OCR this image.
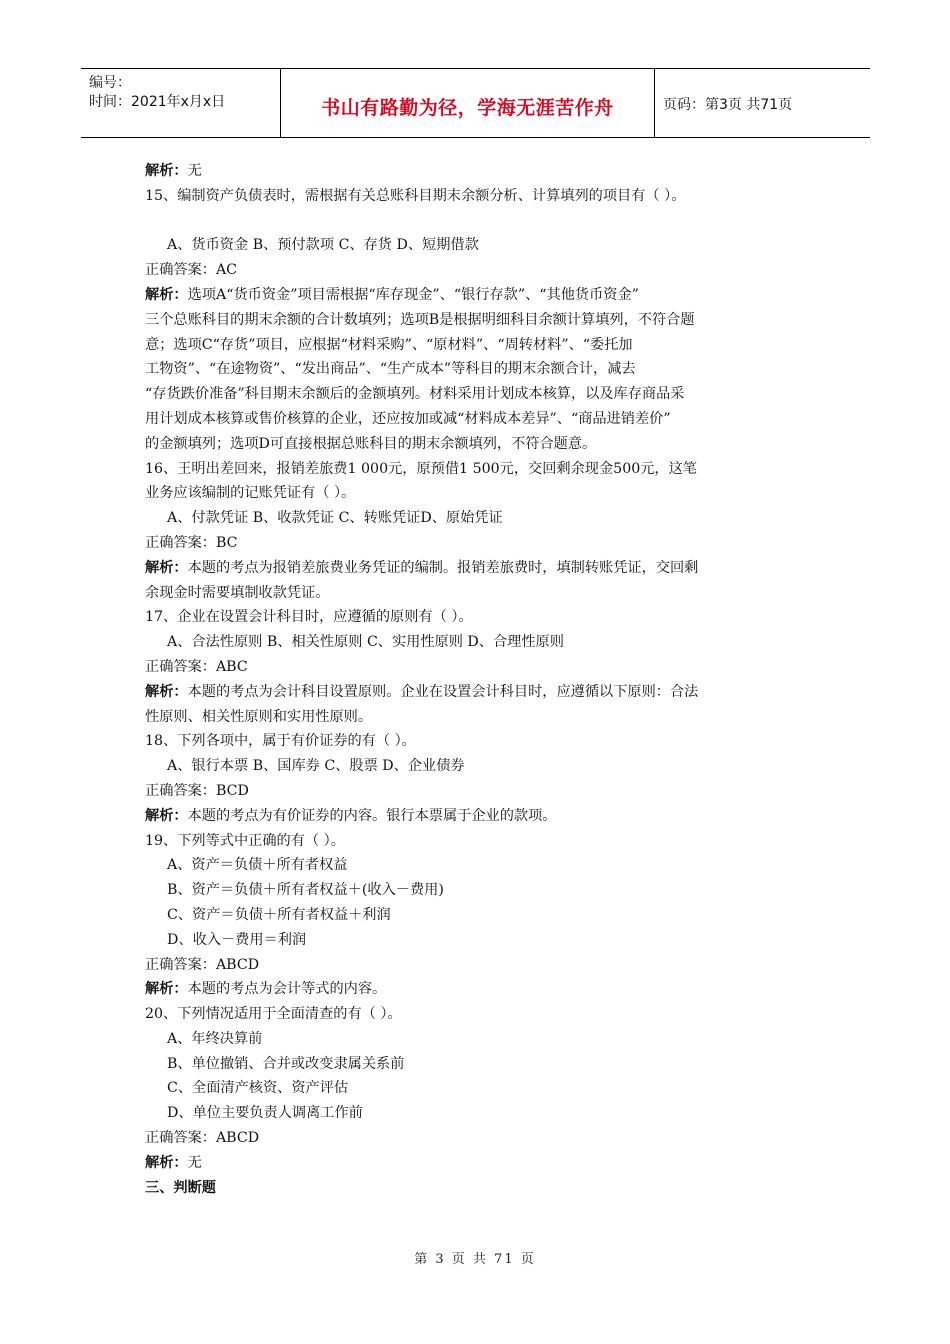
编号：
时间：2021年x月x日	书山有路勤为径，学海无涯苦作舟	页码：第3页 共71页
解析：无
15、编制资产负债表时，需根据有关总账科目期末余额分析、计算填列的项目有（ ）。
A、货币资金 B、预付款项 C、存货 D、短期借款
正确答案：AC
解析：选项A“货币资金”项目需根据“库存现金”、“银行存款”、“其他货币资金”
三个总账科目的期末余额的合计数填列；选项B是根据明细科目余额计算填列，不符合题
意；选项C“存货”项目，应根据“材料采购”、“原材料”、“周转材料”、“委托加
工物资”、“在途物资”、“发出商品”、“生产成本”等科目的期末余额合计，减去
“存货跌价准备”科目期末余额后的金额填列。材料采用计划成本核算，以及库存商品采
用计划成本核算或售价核算的企业，还应按加或减“材料成本差异”、“商品进销差价”
的金额填列；选项D可直接根据总账科目的期末余额填列，不符合题意。
16、王明出差回来，报销差旅费1 000元，原预借1 500元，交回剩余现金500元，这笔
业务应该编制的记账凭证有（ ）。
A、付款凭证 B、收款凭证 C、转账凭证D、原始凭证
正确答案：BC
解析：本题的考点为报销差旅费业务凭证的编制。报销差旅费时，填制转账凭证，交回剩
余现金时需要填制收款凭证。
17、企业在设置会计科目时，应遵循的原则有（ ）。
A、合法性原则 B、相关性原则 C、实用性原则 D、合理性原则
正确答案：ABC
解析：本题的考点为会计科目设置原则。企业在设置会计科目时，应遵循以下原则：合法
性原则、相关性原则和实用性原则。
18、下列各项中，属于有价证券的有（ ）。
A、银行本票 B、国库券 C、股票 D、企业债券
正确答案：BCD
解析：本题的考点为有价证券的内容。银行本票属于企业的款项。
19、下列等式中正确的有（ ）。
A、资产＝负债＋所有者权益
B、资产＝负债＋所有者权益＋(收入－费用)
C、资产＝负债＋所有者权益＋利润
D、收入－费用＝利润
正确答案：ABCD
解析：本题的考点为会计等式的内容。
20、下列情况适用于全面清查的有（ ）。
A、年终决算前
B、单位撤销、合并或改变隶属关系前
C、全面清产核资、资产评估
D、单位主要负责人调离工作前
正确答案：ABCD
解析：无
三、判断题
第 3 页 共 71 页
